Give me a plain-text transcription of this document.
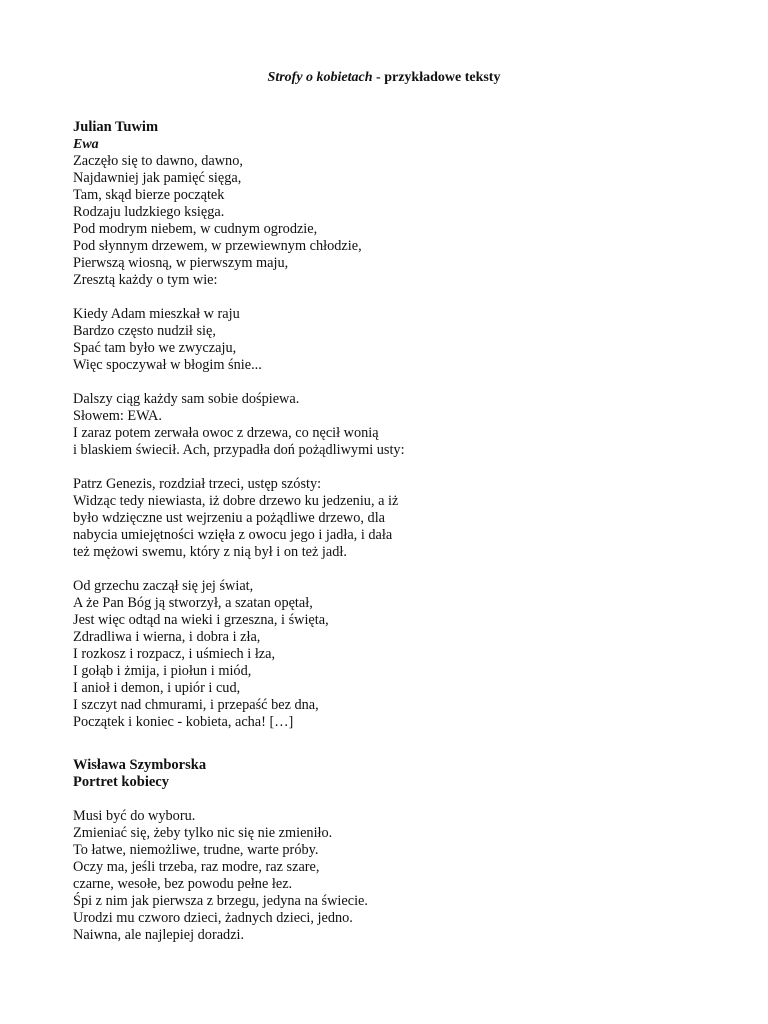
Strofy o kobietach - przykładowe teksty
Julian Tuwim
Ewa
Zaczęło się to dawno, dawno,
Najdawniej jak pamięć sięga,
Tam, skąd bierze początek
Rodzaju ludzkiego księga.
Pod modrym niebem, w cudnym ogrodzie,
Pod słynnym drzewem, w przewiewnym chłodzie,
Pierwszą wiosną, w pierwszym maju,
Zresztą każdy o tym wie:
Kiedy Adam mieszkał w raju
Bardzo często nudził się,
Spać tam było we zwyczaju,
Więc spoczywał w błogim śnie...
Dalszy ciąg każdy sam sobie dośpiewa.
Słowem: EWA.
I zaraz potem zerwała owoc z drzewa, co nęcił wonią
i blaskiem świecił. Ach, przypadła doń pożądliwymi usty:
Patrz Genezis, rozdział trzeci, ustęp szósty:
Widząc tedy niewiasta, iż dobre drzewo ku jedzeniu, a iż
było wdzięczne ust wejrzeniu a pożądliwe drzewo, dla
nabycia umiejętności wzięła z owocu jego i jadła, i dała
też mężowi swemu, który z nią był i on też jadł.
Od grzechu zaczął się jej świat,
A że Pan Bóg ją stworzył, a szatan opętał,
Jest więc odtąd na wieki i grzeszna, i święta,
Zdradliwa i wierna, i dobra i zła,
I rozkosz i rozpacz, i uśmiech i łza,
I gołąb i żmija, i piołun i miód,
I anioł i demon, i upiór i cud,
I szczyt nad chmurami, i przepaść bez dna,
Początek i koniec - kobieta, acha! […]
Wisława Szymborska
Portret kobiecy
Musi być do wyboru.
Zmieniać się, żeby tylko nic się nie zmieniło.
To łatwe, niemożliwe, trudne, warte próby.
Oczy ma, jeśli trzeba, raz modre, raz szare,
czarne, wesołe, bez powodu pełne łez.
Śpi z nim jak pierwsza z brzegu, jedyna na świecie.
Urodzi mu czworo dzieci, żadnych dzieci, jedno.
Naiwna, ale najlepiej doradzi.
